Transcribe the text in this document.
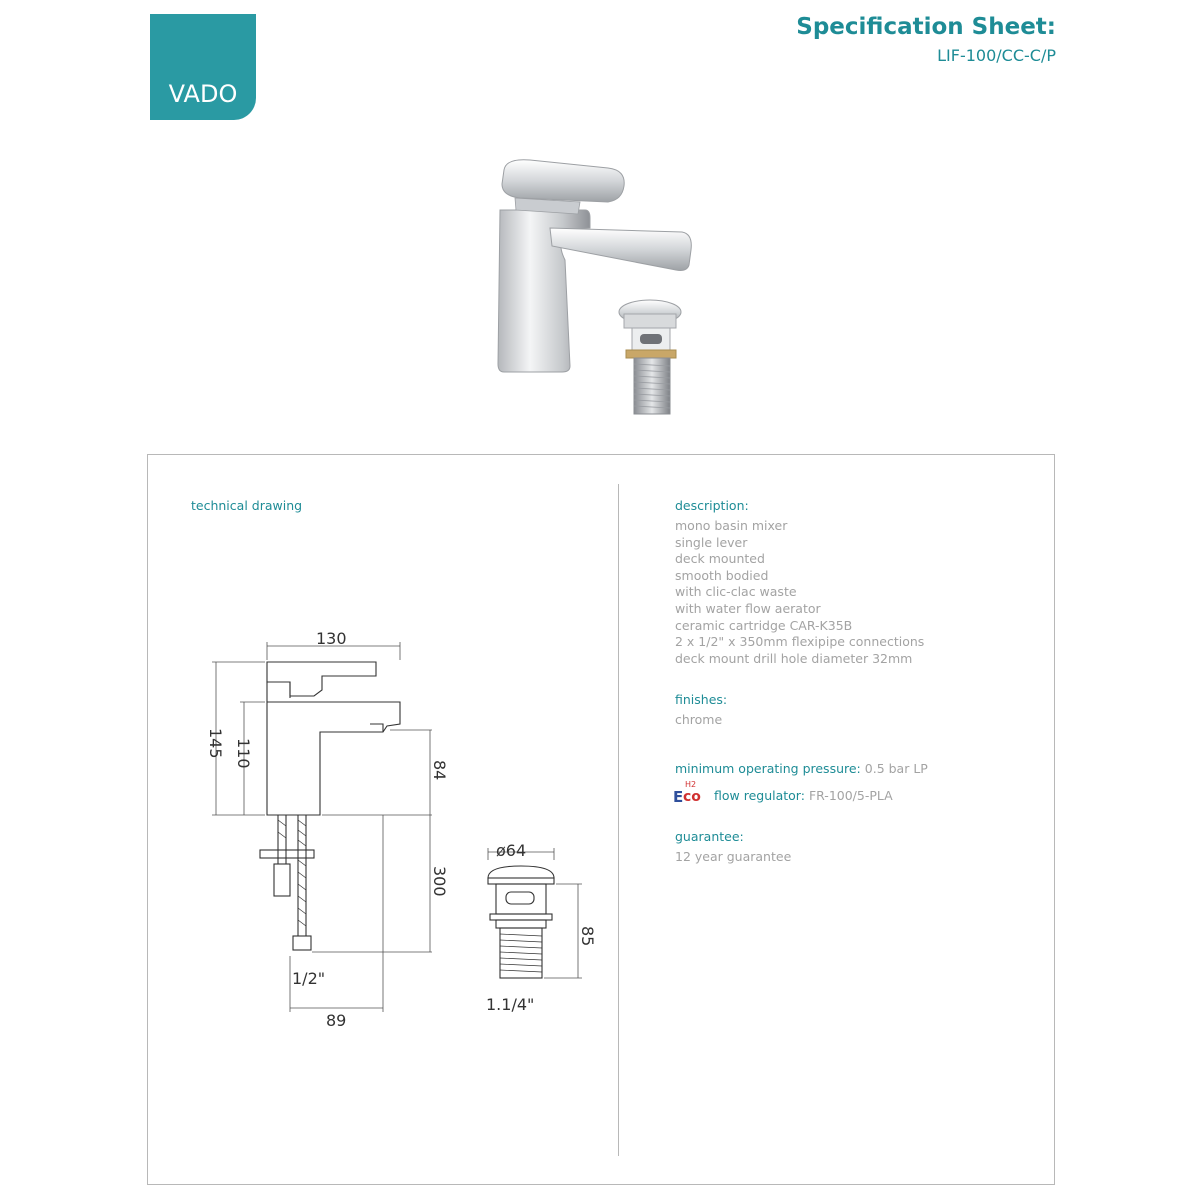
VADO
Specification Sheet:
LIF-100/CC-C/P
technical drawing
130
145 110
84
300
1/2"
89
ø64
85
1.1/4"
description:
mono basin mixer
single lever
deck mounted
smooth bodied
with clic-clac waste
with water flow aerator
ceramic cartridge CAR-K35B
2 x 1/2" x 350mm flexipipe connections
deck mount drill hole diameter 32mm
finishes:
chrome
minimum operating pressure: 0.5 bar LP
E co
H2
flow regulator: FR-100/5-PLA
guarantee:
12 year guarantee
